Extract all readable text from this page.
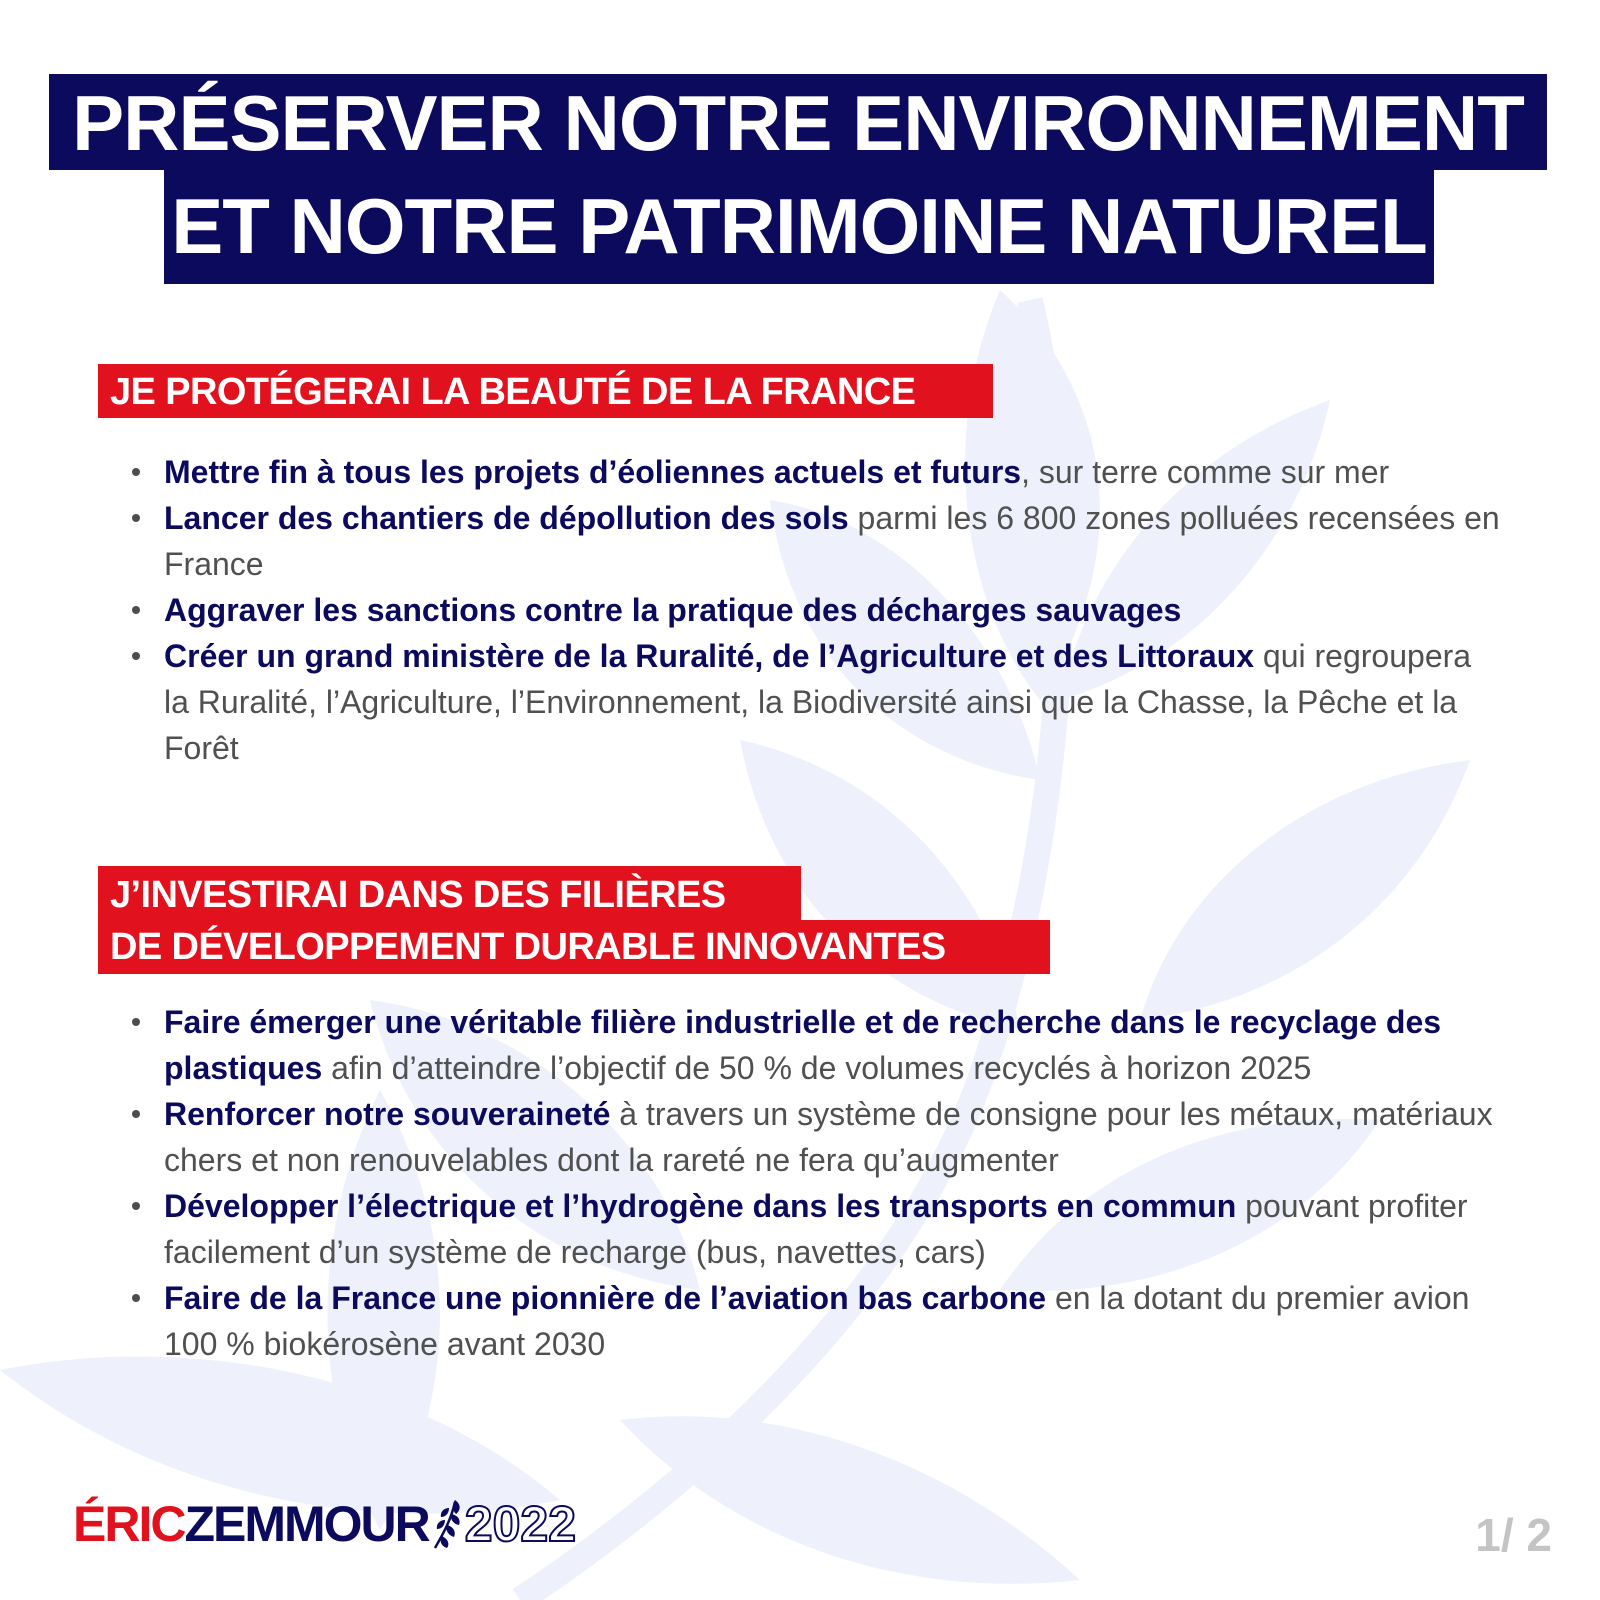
PRÉSERVER NOTRE ENVIRONNEMENT
ET NOTRE PATRIMOINE NATUREL
JE PROTÉGERAI LA BEAUTÉ DE LA FRANCE
Mettre fin à tous les projets d’éoliennes actuels et futurs, sur terre comme sur mer
Lancer des chantiers de dépollution des sols parmi les 6 800 zones polluées recensées en France
Aggraver les sanctions contre la pratique des décharges sauvages
Créer un grand ministère de la Ruralité, de l’Agriculture et des Littoraux qui regroupera la Ruralité, l’Agriculture, l’Environnement, la Biodiversité ainsi que la Chasse, la Pêche et la Forêt
J’INVESTIRAI DANS DES FILIÈRES
DE DÉVELOPPEMENT DURABLE INNOVANTES
Faire émerger une véritable filière industrielle et de recherche dans le recyclage des plastiques afin d’atteindre l’objectif de 50 % de volumes recyclés à horizon 2025
Renforcer notre souveraineté à travers un système de consigne pour les métaux, matériaux chers et non renouvelables dont la rareté ne fera qu’augmenter
Développer l’électrique et l’hydrogène dans les transports en commun pouvant profiter facilement d’un système de recharge (bus, navettes, cars)
Faire de la France une pionnière de l’aviation bas carbone en la dotant du premier avion 100 % biokérosène avant 2030
ÉRICZEMMOUR 2022	1/ 2
